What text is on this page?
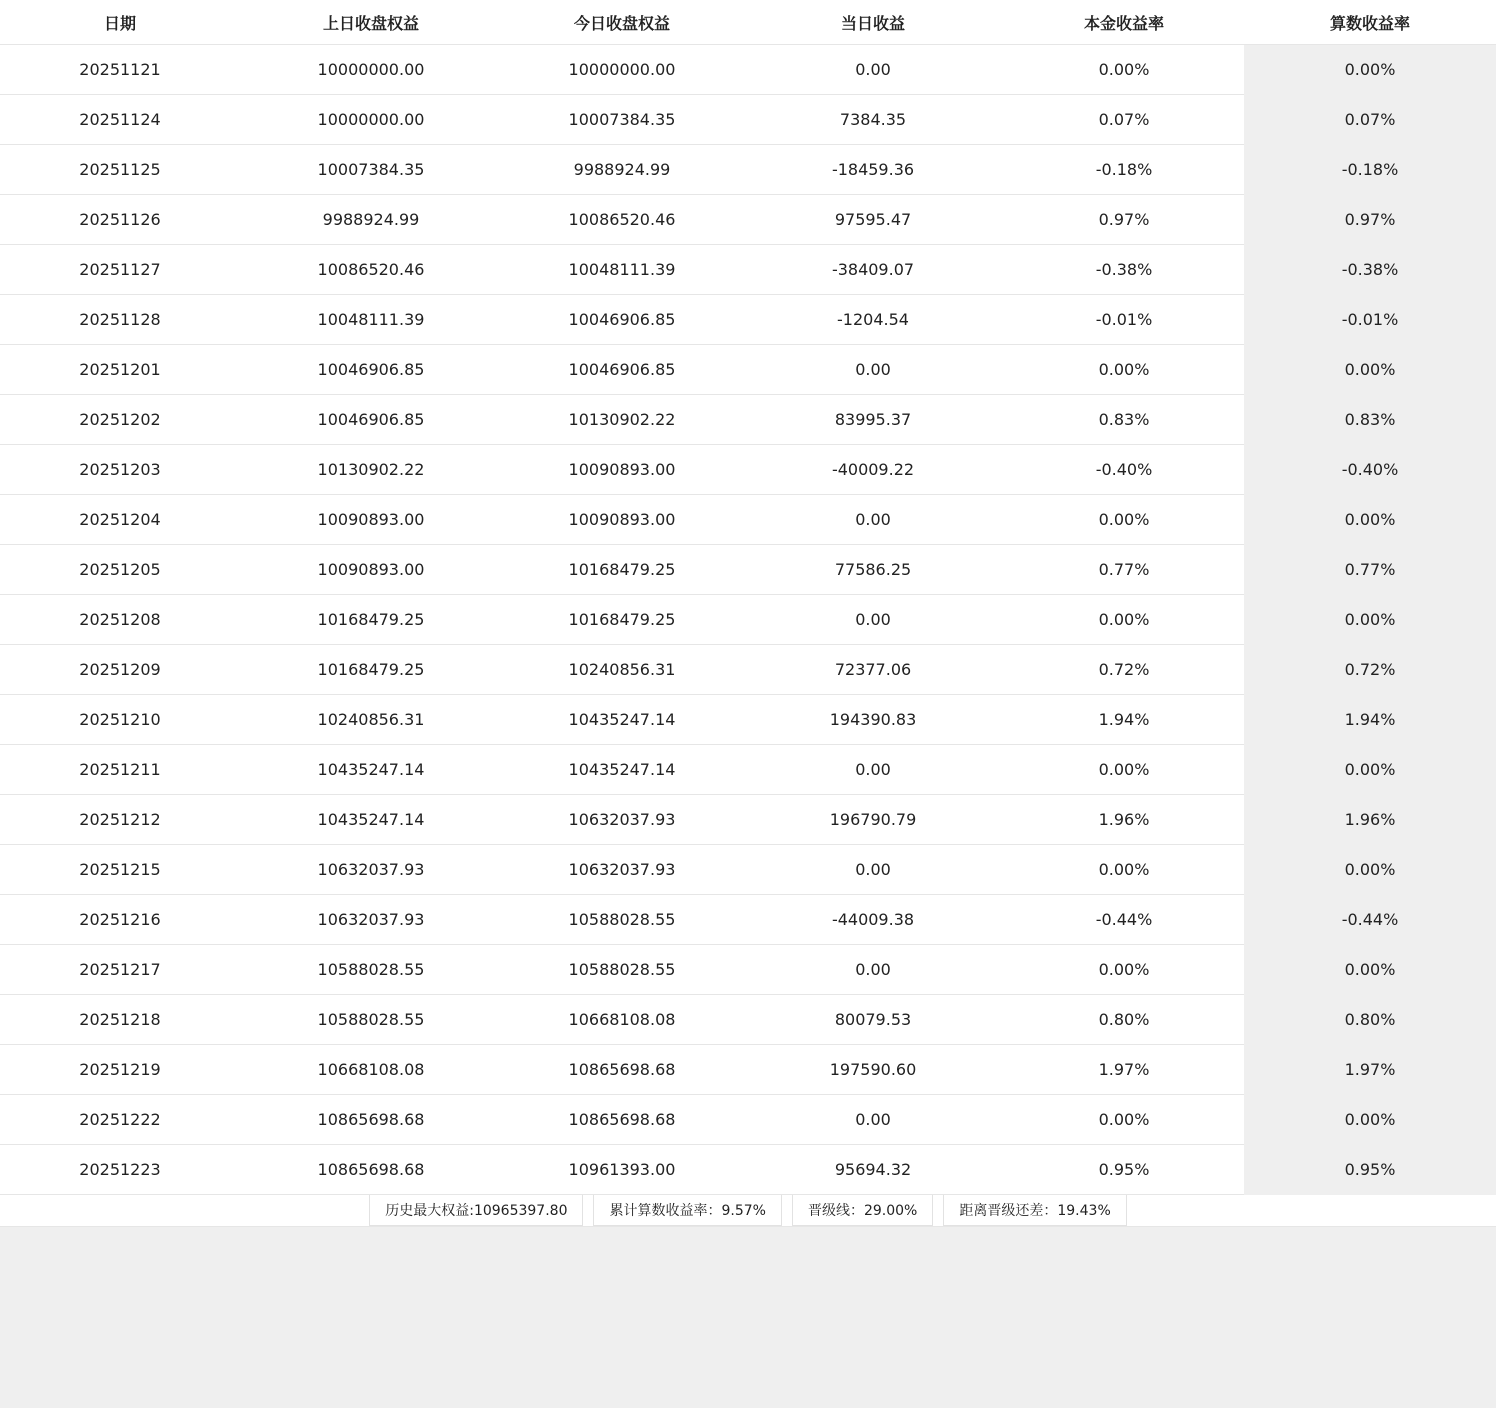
日期	上日收盘权益	今日收盘权益	当日收益	本金收益率	算数收益率
20251121	10000000.00	10000000.00	0.00	0.00%	0.00%
20251124	10000000.00	10007384.35	7384.35	0.07%	0.07%
20251125	10007384.35	9988924.99	-18459.36	-0.18%	-0.18%
20251126	9988924.99	10086520.46	97595.47	0.97%	0.97%
20251127	10086520.46	10048111.39	-38409.07	-0.38%	-0.38%
20251128	10048111.39	10046906.85	-1204.54	-0.01%	-0.01%
20251201	10046906.85	10046906.85	0.00	0.00%	0.00%
20251202	10046906.85	10130902.22	83995.37	0.83%	0.83%
20251203	10130902.22	10090893.00	-40009.22	-0.40%	-0.40%
20251204	10090893.00	10090893.00	0.00	0.00%	0.00%
20251205	10090893.00	10168479.25	77586.25	0.77%	0.77%
20251208	10168479.25	10168479.25	0.00	0.00%	0.00%
20251209	10168479.25	10240856.31	72377.06	0.72%	0.72%
20251210	10240856.31	10435247.14	194390.83	1.94%	1.94%
20251211	10435247.14	10435247.14	0.00	0.00%	0.00%
20251212	10435247.14	10632037.93	196790.79	1.96%	1.96%
20251215	10632037.93	10632037.93	0.00	0.00%	0.00%
20251216	10632037.93	10588028.55	-44009.38	-0.44%	-0.44%
20251217	10588028.55	10588028.55	0.00	0.00%	0.00%
20251218	10588028.55	10668108.08	80079.53	0.80%	0.80%
20251219	10668108.08	10865698.68	197590.60	1.97%	1.97%
20251222	10865698.68	10865698.68	0.00	0.00%	0.00%
20251223	10865698.68	10961393.00	95694.32	0.95%	0.95%
历史最大权益:10965397.80	累计算数收益率：9.57%	晋级线：29.00%	距离晋级还差：19.43%
